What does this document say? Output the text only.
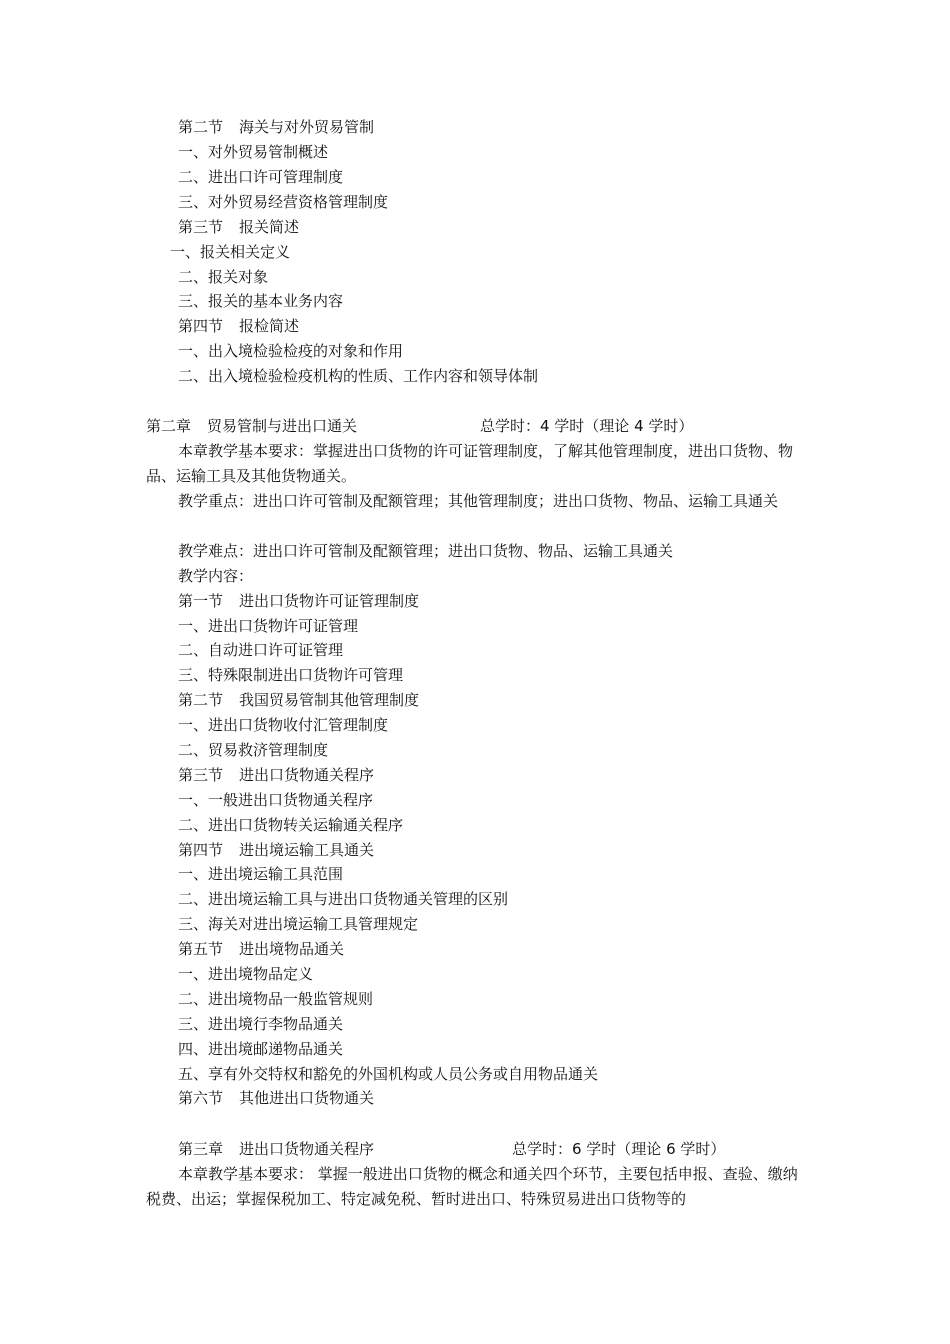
第二节 海关与对外贸易管制
一、对外贸易管制概述
二、进出口许可管理制度
三、对外贸易经营资格管理制度
第三节 报关简述
一、报关相关定义
二、报关对象
三、报关的基本业务内容
第四节 报检简述
一、出入境检验检疫的对象和作用
二、出入境检验检疫机构的性质、工作内容和领导体制
第二章 贸易管制与进出口通关	总学时：4 学时（理论 4 学时）
本章教学基本要求：掌握进出口货物的许可证管理制度，了解其他管理制度，进出口货物、物品、运输工具及其他货物通关。
教学重点：进出口许可管制及配额管理；其他管理制度；进出口货物、物品、运输工具通关
教学难点：进出口许可管制及配额管理；进出口货物、物品、运输工具通关
教学内容：
第一节 进出口货物许可证管理制度
一、进出口货物许可证管理
二、自动进口许可证管理
三、特殊限制进出口货物许可管理
第二节 我国贸易管制其他管理制度
一、进出口货物收付汇管理制度
二、贸易救济管理制度
第三节 进出口货物通关程序
一、一般进出口货物通关程序
二、进出口货物转关运输通关程序
第四节 进出境运输工具通关
一、进出境运输工具范围
二、进出境运输工具与进出口货物通关管理的区别
三、海关对进出境运输工具管理规定
第五节 进出境物品通关
一、进出境物品定义
二、进出境物品一般监管规则
三、进出境行李物品通关
四、进出境邮递物品通关
五、享有外交特权和豁免的外国机构或人员公务或自用物品通关
第六节 其他进出口货物通关
第三章 进出口货物通关程序	总学时：6 学时（理论 6 学时）
本章教学基本要求： 掌握一般进出口货物的概念和通关四个环节，主要包括申报、查验、缴纳税费、出运；掌握保税加工、特定减免税、暂时进出口、特殊贸易进出口货物等的
